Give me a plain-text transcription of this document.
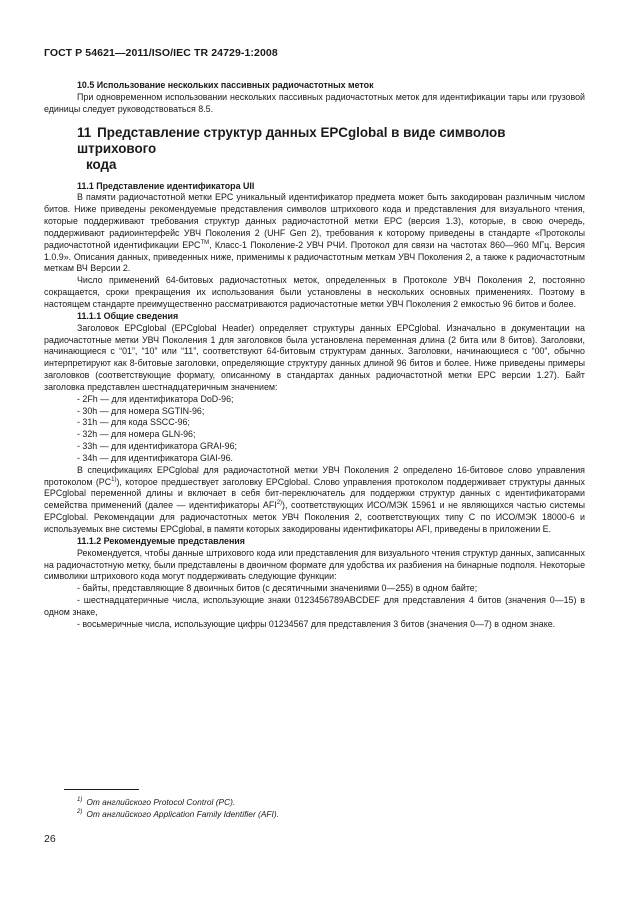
ГОСТ Р 54621—2011/ISO/IEC TR 24729-1:2008

10.5 Использование нескольких пассивных радиочастотных меток

При одновременном использовании нескольких пассивных радиочастотных меток для идентификации тары или грузовой единицы следует руководствоваться 8.5.

11 Представление структур данных EPCglobal в виде символов штрихового
кода

11.1 Представление идентификатора UII

В памяти радиочастотной метки EPC уникальный идентификатор предмета может быть закодирован различным числом битов. Ниже приведены рекомендуемые представления символов штрихового кода и представления для визуального чтения, которые поддерживают требования структур данных радиочастотной метки EPC (версия 1.3), которые, в свою очередь, поддерживают радиоинтерфейс УВЧ Поколения 2 (UHF Gen 2), требования к которому приведены в стандарте «Протоколы радиочастотной идентификации EPC™, Класс-1 Поколение-2 УВЧ РЧИ. Протокол для связи на частотах 860—960 МГц. Версия 1.0.9». Описания данных, приведенных ниже, применимы к радиочастотным меткам УВЧ Поколения 2, а также к радиочастотным меткам ВЧ Версии 2.

Число применений 64-битовых радиочастотных меток, определенных в Протоколе УВЧ Поколения 2, постоянно сокращается, сроки прекращения их использования были установлены в нескольких основных применениях. Поэтому в настоящем стандарте преимущественно рассматриваются радиочастотные метки УВЧ Поколения 2 емкостью 96 битов и более.

11.1.1 Общие сведения

Заголовок EPCglobal (EPCglobal Header) определяет структуры данных EPCglobal. Изначально в документации на радиочастотные метки УВЧ Поколения 1 для заголовков была установлена переменная длина (2 бита или 8 битов). Заголовки, начинающиеся с “01”, “10” или “11”, соответствуют 64-битовым структурам данных. Заголовки, начинающиеся с “00”, обычно интерпретируют как 8-битовые заголовки, определяющие структуру данных длиной 96 битов и более. Ниже приведены примеры заголовков (соответствующие формату, описанному в стандартах данных радиочастотной метки EPC версии 1.27). Байт заголовка представлен шестнадцатеричным значением:

- 2Fh — для идентификатора DoD-96;

- 30h — для номера SGTIN-96;

- 31h — для кода SSCC-96;

- 32h — для номера GLN-96;

- 33h — для идентификатора GRAI-96;

- 34h — для идентификатора GIAI-96.

В спецификациях EPCglobal для радиочастотной метки УВЧ Поколения 2 определено 16-битовое слово управления протоколом (PC$^{1)}$), которое предшествует заголовку EPCglobal. Слово управления протоколом поддерживает структуры данных EPCglobal переменной длины и включает в себя бит-переключатель для поддержки структур данных с идентификаторами семейства применений (далее — идентификаторы AFI$^{2)}$), соответствующих ИСО/МЭК 15961 и не являющихся частью системы EPCglobal. Рекомендации для радиочастотных меток УВЧ Поколения 2, соответствующих типу С по ИСО/МЭК 18000-6 и используемых вне системы EPCglobal, в памяти которых закодированы идентификаторы AFI, приведены в приложении Е.

11.1.2 Рекомендуемые представления

Рекомендуется, чтобы данные штрихового кода или представления для визуального чтения структур данных, записанных на радиочастотную метку, были представлены в двоичном формате для удобства их разбиения на бинарные подполя. Некоторые символики штрихового кода могут поддерживать следующие функции:

- байты, представляющие 8 двоичных битов (с десятичными значениями 0—255) в одном байте;

- шестнадцатеричные числа, использующие знаки 0123456789ABCDEF для представления 4 битов (значения 0—15) в одном знаке,

- восьмеричные числа, использующие цифры 01234567 для представления 3 битов (значения 0—7) в одном знаке.

$^{1)}$ От английского Protocol Control (PC).

$^{2)}$ От английского Application Family Identifier (AFI).

26
